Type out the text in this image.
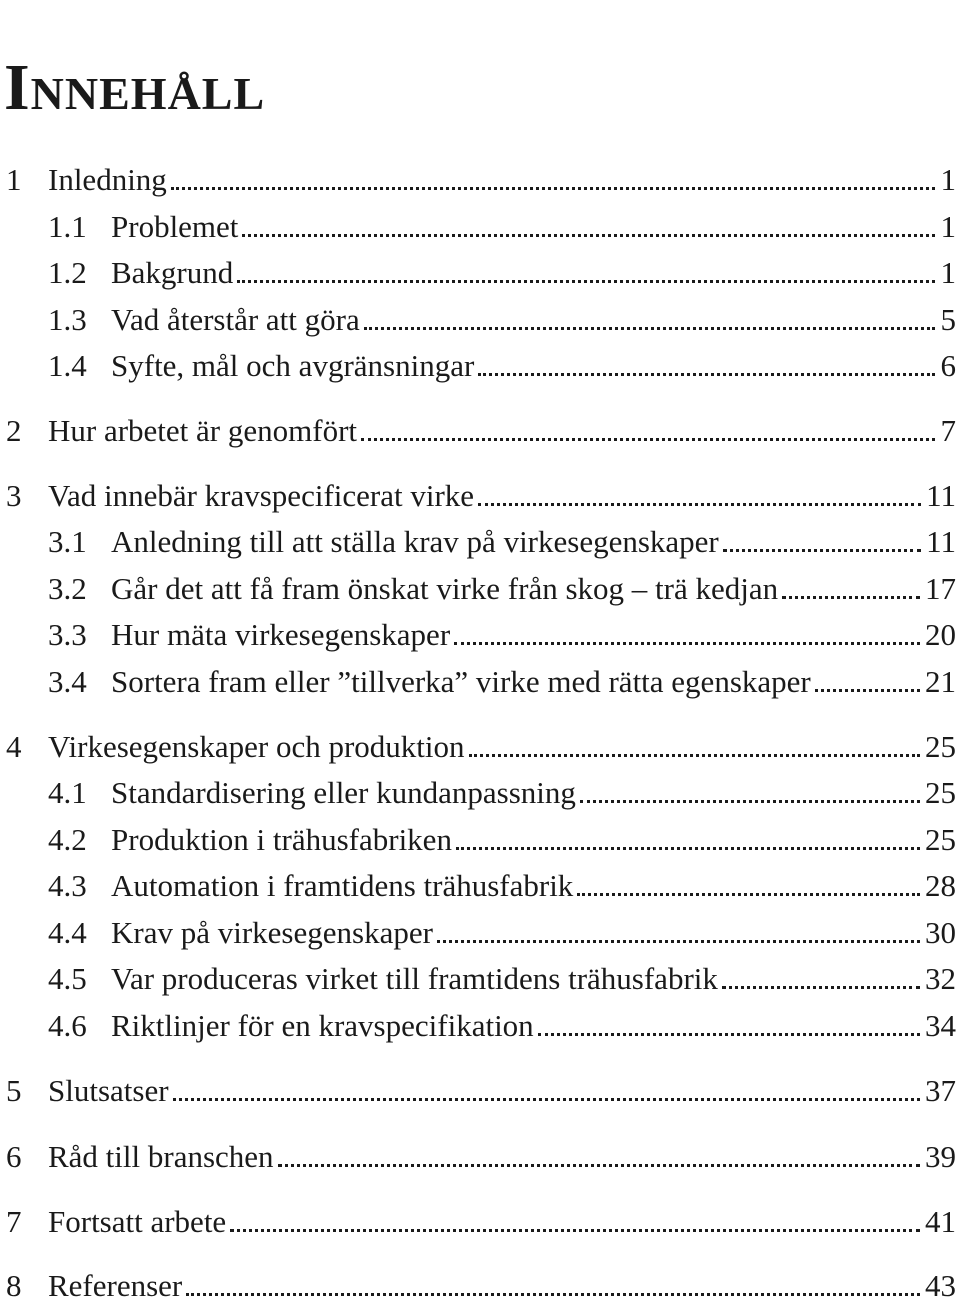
Innehåll
1 Inledning	1
1.1 Problemet	1
1.2 Bakgrund	1
1.3 Vad återstår att göra	5
1.4 Syfte, mål och avgränsningar	6
2 Hur arbetet är genomfört	7
3 Vad innebär kravspecificerat virke	11
3.1 Anledning till att ställa krav på virkesegenskaper	11
3.2 Går det att få fram önskat virke från skog – trä kedjan	17
3.3 Hur mäta virkesegenskaper	20
3.4 Sortera fram eller ”tillverka” virke med rätta egenskaper	21
4 Virkesegenskaper och produktion	25
4.1 Standardisering eller kundanpassning	25
4.2 Produktion i trähusfabriken	25
4.3 Automation i framtidens trähusfabrik	28
4.4 Krav på virkesegenskaper	30
4.5 Var produceras virket till framtidens trähusfabrik	32
4.6 Riktlinjer för en kravspecifikation	34
5 Slutsatser	37
6 Råd till branschen	39
7 Fortsatt arbete	41
8 Referenser	43
